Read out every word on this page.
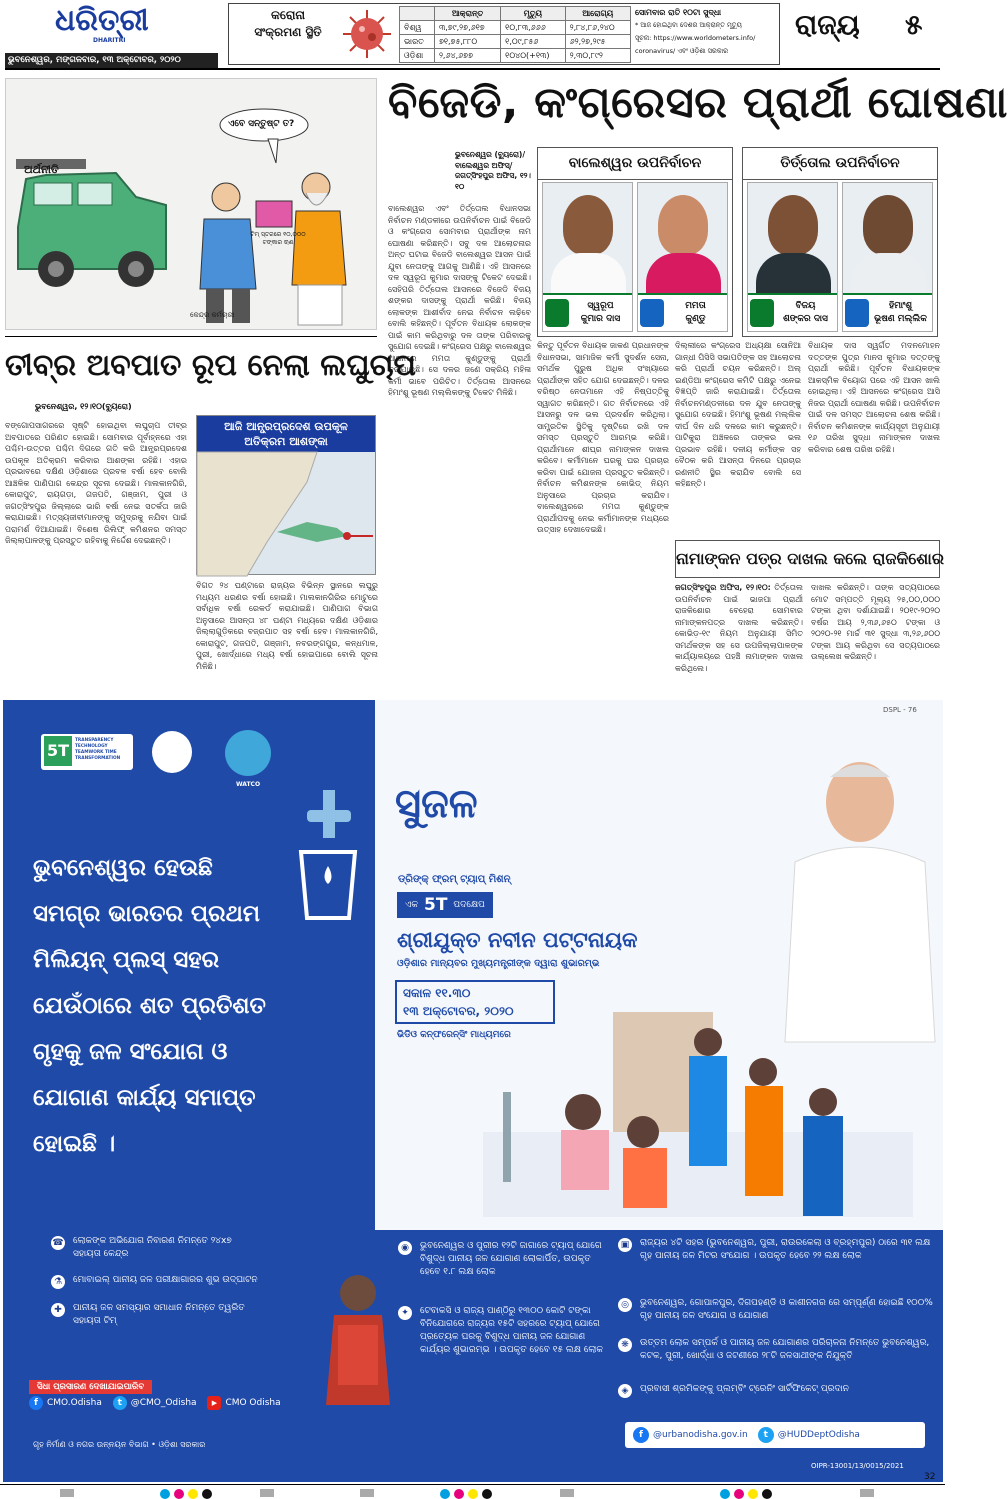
ଧରିତ୍ରୀ
DHARITRI
ଭୁବନେଶ୍ୱର, ମଙ୍ଗଳବାର, ୧୩ ଅକ୍ଟୋବର, ୨୦୨୦
କରୋନା
ସଂକ୍ରମଣ ସ୍ଥିତି
	ଆକ୍ରାନ୍ତ	ମୃତ୍ୟୁ	ଆରୋଗ୍ୟ
ବିଶ୍ୱ	୩,୭୯,୨୭,୬୧୭	୧୦,୮୩,୬୬୬	୨,୮୪,୮୬,୨୪୦
ଭାରତ	୭୧,୭୫,୮୮୦	୧,୦୯,୮୫୬	୬୨,୨୭,୨୯୫
ଓଡ଼ିଶା	୨,୬୪,୬୭୭	୧୦୪୦(+୧୩)	୨,୩୦,୮୯୨
ସୋମବାର ରାତି ୧୦ଟା ସୁଦ୍ଧା
* ଆଜ ହୋଇଥିବା ଦେଶର ଆକ୍ରାନ୍ତ ମୃତ୍ୟୁ
ସୂଚନା: https://www.worldometers.info/
coronavirus/ ଏବଂ ଓଡ଼ିଶା ସରକାର
ରାଜ୍ୟ ୫
ଅର୍ଥନୀତି
ଏବେ ସନ୍ତୁଷ୍ଟ ତ?
ଟିମ୍ ସ୍ତରରେ ୧୦,୦୦୦ ଟଙ୍କାର ଋଣ
କେନ୍ଦ୍ର କର୍ମଚାରୀ
ବିଜେଡି, କଂଗ୍ରେସର ପ୍ରାର୍ଥୀ ଘୋଷଣା
ଭୁବନେଶ୍ୱର (ବ୍ୟୁରୋ)/ ବାଲେଶ୍ୱର ଅଫିସ୍/ ଜଗତ୍‌ସିଂହପୁର ଅଫିସ, ୧୨।୧୦
ବାଲେଶ୍ୱର ଉପନିର୍ବାଚନ	ତିର୍ତ୍ତୋଲ ଉପନିର୍ବାଚନ
ସ୍ୱରୂପ
କୁମାର ଦାସ
ମମତା
କୁଣ୍ଡୁ
ବିଜୟ
ଶଙ୍କର ଦାସ
ହିମାଂଶୁ
ଭୂଷଣ ମଲ୍ଲିକ
ବାଲେଶ୍ୱର ଏବଂ ତିର୍ତ୍ତୋଲ ବିଧାନସଭା ନିର୍ବାଚନ ମଣ୍ଡଳୀରେ ଉପନିର୍ବାଚନ ପାଇଁ ବିଜେଡି ଓ କଂଗ୍ରେସ ସୋମବାର ପ୍ରାର୍ଥୀଙ୍କ ନାମ ଘୋଷଣା କରିଛନ୍ତି। ସବୁ ଦଳ ଆଲୋଚନାର ଅନ୍ତ ଘଟାଇ ବିଜେଡି ବାଲେଶ୍ୱର ଆସନ ପାଇଁ ଯୁବା ନେତାଙ୍କୁ ଆଗକୁ ଆଣିଛି। ଏହି ଆସନରେ ଦଳ ସ୍ୱରୂପ କୁମାର ଦାସଙ୍କୁ ଟିକେଟ ଦେଇଛି। ସେହିପରି ତିର୍ତ୍ତୋଲ ଆସନରେ ବିଜେଡି ବିଜୟ ଶଙ୍କର ଦାସଙ୍କୁ ପ୍ରାର୍ଥୀ କରିଛି। ବିଜୟ ଲୋକଙ୍କ ଆଶୀର୍ବାଦ ନେଇ ନିର୍ବାଚନ ଲଢ଼ିବେ ବୋଲି କହିଛନ୍ତି। ପୂର୍ବତନ ବିଧାୟକ ଲୋକଙ୍କ ପାଇଁ କାମ କରିଥିବାରୁ ଦଳ ତାଙ୍କ ପରିବାରକୁ ସୁଯୋଗ ଦେଇଛି। କଂଗ୍ରେସ ପକ୍ଷରୁ ବାଲେଶ୍ୱର ଆସନରେ ମମତା କୁଣ୍ଡୁଙ୍କୁ ପ୍ରାର୍ଥୀ କରାଯାଇଛି। ସେ ଦଳର ଜଣେ ସକ୍ରିୟ ମହିଳା କର୍ମୀ ଭାବେ ପରିଚିତ। ତିର୍ତ୍ତୋଲ ଆସନରେ ହିମାଂଶୁ ଭୂଷଣ ମଲ୍ଲିକଙ୍କୁ ଟିକେଟ ମିଳିଛି।
କିନ୍ତୁ ପୂର୍ବତନ ବିଧାୟକ ଜାକଣ ପ୍ରଧାନଙ୍କ ବିଧାନସଭା, ସାମାଜିକ କର୍ମୀ ସୁଦର୍ଶନ ସେନା, ସମର୍ଥକ ପୁରୁଷ ଅଧିକ ସଂଖ୍ୟାରେ ପ୍ରାର୍ଥୀଙ୍କ ସହିତ ଯୋଗ ଦେଇଛନ୍ତି। ଦଳର ବରିଷ୍ଠ ନେତାମାନେ ଏହି ନିଷ୍ପତ୍ତିକୁ ସ୍ୱାଗତ କରିଛନ୍ତି। ଗତ ନିର୍ବାଚନରେ ଏହି ଆସନରୁ ଦଳ ଭଲ ପ୍ରଦର୍ଶନ କରିଥିଲା। ସାମ୍ପ୍ରତିକ ସ୍ଥିତିକୁ ଦୃଷ୍ଟିରେ ରଖି ଦଳ ସମସ୍ତ ପ୍ରସ୍ତୁତି ଆରମ୍ଭ କରିଛି। ପ୍ରାର୍ଥୀମାନେ ଶୀଘ୍ର ନାମାଙ୍କନ ଦାଖଲ କରିବେ। କର୍ମୀମାନେ ଘରକୁ ଘର ପ୍ରଚାର କରିବା ପାଇଁ ଯୋଜନା ପ୍ରସ୍ତୁତ କରିଛନ୍ତି। ନିର୍ବାଚନ କମିଶନଙ୍କ କୋଭିଡ୍ ନିୟମ ଅନୁସାରେ ପ୍ରଚାର କରାଯିବ। ବାଲେଶ୍ୱରରେ ମମତା କୁଣ୍ଡୁଙ୍କ ପ୍ରାର୍ଥୀପଦକୁ ନେଇ କର୍ମୀମାନଙ୍କ ମଧ୍ୟରେ ଉତ୍ସାହ ଦେଖାଦେଇଛି।
ଦିଲ୍ଲୀରେ କଂଗ୍ରେସ ଅଧ୍ୟକ୍ଷା ସୋନିଆ ଗାନ୍ଧୀ ପିସିସି ସଭାପତିଙ୍କ ସହ ଆଲୋଚନା କରି ପ୍ରାର୍ଥୀ ଚୟନ କରିଛନ୍ତି। ଅଲ୍ ଇଣ୍ଡିଆ କଂଗ୍ରେସ କମିଟି ପକ୍ଷରୁ ଏନେଇ ବିଜ୍ଞପ୍ତି ଜାରି କରାଯାଇଛି। ତିର୍ତ୍ତୋଲ ନିର୍ବାଚନମଣ୍ଡଳୀରେ ଦଳ ଯୁବ ନେତାଙ୍କୁ ସୁଯୋଗ ଦେଇଛି। ହିମାଂଶୁ ଭୂଷଣ ମଲ୍ଲିକ ଦୀର୍ଘ ଦିନ ଧରି ଦଳରେ କାମ କରୁଛନ୍ତି। ପାଟିକୁରା ଅଞ୍ଚଳରେ ତାଙ୍କର ଭଲ ପ୍ରଭାବ ରହିଛି। ଦଳୀୟ କର୍ମୀଙ୍କ ସହ ବୈଠକ କରି ଆସନ୍ତା ଦିନରେ ପ୍ରଚାର ରଣନୀତି ସ୍ଥିର କରାଯିବ ବୋଲି ସେ କହିଛନ୍ତି।
ବିଧାୟକ ଦାସ ସ୍ୱର୍ଗତ ମଦନମୋହନ ଦତ୍ତଙ୍କ ପୁତ୍ର ମାନସ କୁମାର ଦତ୍ତଙ୍କୁ ପ୍ରାର୍ଥୀ କରିଛି। ପୂର୍ବତନ ବିଧାୟକଙ୍କ ଆକସ୍ମିକ ବିୟୋଗ ପରେ ଏହି ଆସନ ଖାଲି ହୋଇଥିଲା। ଏହି ଆସନରେ କଂଗ୍ରେସ ଆସି ନିଜର ପ୍ରାର୍ଥୀ ଘୋଷଣା କରିଛି। ଉପନିର୍ବାଚନ ପାଇଁ ଦଳ ସମସ୍ତ ଆଲୋଚନା ଶେଷ କରିଛି। ନିର୍ବାଚନ କମିଶନଙ୍କ କାର୍ଯ୍ୟସୂଚୀ ଅନୁଯାୟୀ ୧୬ ତାରିଖ ସୁଦ୍ଧା ନାମାଙ୍କନ ଦାଖଲ କରିବାର ଶେଷ ତାରିଖ ରହିଛି।
ନାମାଙ୍କନ ପତ୍ର ଦାଖଲ କଲେ ରାଜକିଶୋର
ଜଗତ୍‌ସିଂହପୁର ଅଫିସ, ୧୨।୧୦: ତିର୍ତ୍ତୋଲ ଉପନିର୍ବାଚନ ପାଇଁ ଭାଜପା ପ୍ରାର୍ଥୀ ରାଜକିଶୋର ବେହେରା ସୋମବାର ନାମାଙ୍କନପତ୍ର ଦାଖଲ କରିଛନ୍ତି। କୋଭିଡ଼-୧୯ ନିୟମ ଅନୁଯାୟୀ ସିମିତ ସମର୍ଥକଙ୍କ ସହ ସେ ଉପଜିଲ୍ଲାପାଳଙ୍କ କାର୍ଯ୍ୟାଳୟରେ ପହଞ୍ଚି ନାମାଙ୍କନ ଦାଖଲ କରିଥିଲେ।
ଦାଖଲ କରିଛନ୍ତି। ତାଙ୍କ ସତ୍ୟପାଠରେ ମୋଟ ସମ୍ପତ୍ତି ମୂଲ୍ୟ ୨୫,୦୦,୦୦୦ ଟଙ୍କା ଥିବା ଦର୍ଶାଯାଇଛି। ୨୦୧୯-୨୦୨୦ ବର୍ଷର ଆୟ ୨,୩୬,୬୫୦ ଟଙ୍କା ଓ ୨୦୨୦-୨୧ ମାର୍ଚ୍ଚ ୩୧ ସୁଦ୍ଧା ୩,୨୬,୬୦୦ ଟଙ୍କା ଆୟ କରିଥିବା ସେ ସତ୍ୟପାଠରେ ଉଲ୍ଲେଖ କରିଛନ୍ତି।
ତୀବ୍ର ଅବପାତ ରୂପ ନେଲା ଲଘୁଚାପ
ଭୁବନେଶ୍ୱର, ୧୨।୧୦(ବ୍ୟୁରୋ)
ବଙ୍ଗୋପସାଗରରେ ସୃଷ୍ଟି ହୋଇଥିବା ଲଘୁଚାପ ତୀବ୍ର ଅବପାତରେ ପରିଣତ ହୋଇଛି। ସୋମବାର ପୂର୍ବାହ୍ନରେ ଏହା ପଶ୍ଚିମ-ଉତ୍ତର ପଶ୍ଚିମ ଦିଗରେ ଗତି କରି ଆନ୍ଧ୍ରପ୍ରଦେଶ ଉପକୂଳ ଅତିକ୍ରମ କରିବାର ଆଶଙ୍କା ରହିଛି। ଏହାର ପ୍ରଭାବରେ ଦକ୍ଷିଣ ଓଡ଼ିଶାରେ ପ୍ରବଳ ବର୍ଷା ହେବ ବୋଲି ଆଞ୍ଚଳିକ ପାଣିପାଗ କେନ୍ଦ୍ର ସୂଚନା ଦେଇଛି। ମାଲକାନଗିରି, କୋରାପୁଟ, ରାୟଗଡ଼ା, ଗଜପତି, ଗଞ୍ଜାମ, ପୁରୀ ଓ ଜଗତ୍‌ସିଂହପୁର ଜିଲ୍ଲାରେ ଭାରି ବର୍ଷା ନେଇ ସତର୍କତା ଜାରି କରାଯାଇଛି। ମତ୍ସ୍ୟଜୀବୀମାନଙ୍କୁ ସମୁଦ୍ରକୁ ନଯିବା ପାଇଁ ପରାମର୍ଶ ଦିଆଯାଇଛି। ବିଶେଷ ରିଲିଫ୍ କମିଶନର ସମସ୍ତ ଜିଲ୍ଲାପାଳଙ୍କୁ ପ୍ରସ୍ତୁତ ରହିବାକୁ ନିର୍ଦ୍ଦେଶ ଦେଇଛନ୍ତି।
ଆଜି ଆନ୍ଧ୍ରପ୍ରଦେଶ ଉପକୂଳ
ଅତିକ୍ରମ ଆଶଙ୍କା
ବିଗତ ୨୪ ଘଣ୍ଟାରେ ରାଜ୍ୟର ବିଭିନ୍ନ ସ୍ଥାନରେ ଲଘୁରୁ ମଧ୍ୟମ ଧରଣର ବର୍ଷା ହୋଇଛି। ମାଲକାନଗିରିର ମୋଟୁରେ ସର୍ବାଧିକ ବର୍ଷା ରେକର୍ଡ କରାଯାଇଛି। ପାଣିପାଗ ବିଭାଗ ଅନୁସାରେ ଆସନ୍ତା ୪୮ ଘଣ୍ଟା ମଧ୍ୟରେ ଦକ୍ଷିଣ ଓଡ଼ିଶାର ଜିଲ୍ଲାଗୁଡ଼ିକରେ ବଜ୍ରପାତ ସହ ବର୍ଷା ହେବ। ମାଲକାନଗିରି, କୋରାପୁଟ, ଗଜପତି, ଗଞ୍ଜାମ, ନବରଙ୍ଗପୁର, କନ୍ଧମାଳ, ପୁରୀ, ଖୋର୍ଦ୍ଧାରେ ମଧ୍ୟ ବର୍ଷା ହୋଇପାରେ ବୋଲି ସୂଚନା ମିଳିଛି।
DSPL - 76
5T
TRANSPARENCY TECHNOLOGY TEAMWORK TIME TRANSFORMATION
WATCO
ଭୁବନେଶ୍ୱର ହେଉଛି
ସମଗ୍ର ଭାରତର ପ୍ରଥମ
ମିଲିୟନ୍ ପ୍ଲସ୍ ସହର
ଯେଉଁଠାରେ ଶତ ପ୍ରତିଶତ
ଗୃହକୁ ଜଳ ସଂଯୋଗ ଓ
ଯୋଗାଣ କାର୍ଯ୍ୟ ସମାପ୍ତ
ହୋଇଛି ।
☎	ଲୋକଙ୍କ ଅଭିଯୋଗ ନିବାରଣ ନିମନ୍ତେ ୨୪x୭ ସହାୟତା କେନ୍ଦ୍ର
⚗	ମୋବାଇଲ୍ ପାନୀୟ ଜଳ ପରୀକ୍ଷାଗାରର ଶୁଭ ଉଦ୍‌ଘାଟନ
✚	ପାନୀୟ ଜଳ ସମସ୍ୟାର ସମାଧାନ ନିମନ୍ତେ ତ୍ୱରିତ ସହାୟତା ଟିମ୍
ସିଧା ପ୍ରସାରଣ ଦେଖାଯାଇପାରିବ
f	CMO.Odisha
	t @CMO_Odisha
	▶ CMO Odisha
ଗୃହ ନିର୍ମାଣ ଓ ନଗର ଉନ୍ନୟନ ବିଭାଗ • ଓଡ଼ିଶା ସରକାର
ସୁଜଳ
ଡ୍ରିଙ୍କ୍ ଫ୍ରମ୍ ଟ୍ୟାପ୍ ମିଶନ୍
ଏକ 5T ପଦକ୍ଷେପ
ଶ୍ରୀଯୁକ୍ତ ନବୀନ ପଟ୍ଟନାୟକ
ଓଡ଼ିଶାର ମାନ୍ୟବର ମୁଖ୍ୟମନ୍ତ୍ରୀଙ୍କ ଦ୍ୱାରା ଶୁଭାରମ୍ଭ
ସକାଳ ୧୧.୩୦
୧୩ ଅକ୍ଟୋବର, ୨୦୨୦
ଭିଡିଓ କନ୍‌ଫରେନ୍ସିଂ ମାଧ୍ୟମରେ
◉	ଭୁବନେଶ୍ୱର ଓ ପୁରୀର ୧୨ଟି ଜାଗାରେ ଟ୍ୟାପ୍ ଯୋଗେ ବିଶୁଦ୍ଧ ପାନୀୟ ଜଳ ଯୋଗାଣ ଲୋକାର୍ପିତ, ଉପକୃତ ହେବେ ୧.୮ ଲକ୍ଷ ଲୋକ
✦	ଟେବାକସି ଓ ରାଜ୍ୟ ପାଣ୍ଠିରୁ ୧୩୦୦ କୋଟି ଟଙ୍କା ବିନିଯୋଗରେ ରାଜ୍ୟର ୧୫ଟି ସହରରେ ଟ୍ୟାପ୍ ଯୋଗେ ପ୍ରତ୍ୟେକ ଘରକୁ ବିଶୁଦ୍ଧ ପାନୀୟ ଜଳ ଯୋଗାଣ କାର୍ଯ୍ୟର ଶୁଭାରମ୍ଭ । ଉପକୃତ ହେବେ ୧୫ ଲକ୍ଷ ଲୋକ
▣	ରାଜ୍ୟର ୪ଟି ସହର (ଭୁବନେଶ୍ୱର, ପୁରୀ, ରାଉରକେଲା ଓ ବ୍ରହ୍ମପୁର) ଠାରେ ୩୧ ଲକ୍ଷ ଗୃହ ପାନୀୟ ଜଳ ମିଟର ସଂଯୋଗ । ଉପକୃତ ହେବେ ୨୨ ଲକ୍ଷ ଲୋକ
◎	ଭୁବନେଶ୍ୱର, ଗୋପାଳପୁର, ଦିଗପହଣ୍ଡି ଓ କାଶୀନଗର ରେ ସମ୍ପୂର୍ଣ୍ଣ ହୋଇଛି ୧୦୦% ଗୃହ ପାନୀୟ ଜଳ ସଂଯୋଗ ଓ ଯୋଗାଣ
❋	ଉତ୍ତମ ଲୋକ ସମ୍ପର୍କ ଓ ପାନୀୟ ଜଳ ଯୋଗାଣର ପରିଚାଳନା ନିମନ୍ତେ ଭୁବନେଶ୍ୱର, କଟକ, ପୁରୀ, ଖୋର୍ଦ୍ଧା ଓ ଜଟଣୀରେ ୨୮ଟି ଜଳସାଥୀଙ୍କ ନିଯୁକ୍ତି
◈	ପ୍ରବାସୀ ଶ୍ରମିକଙ୍କୁ ପ୍ଲମ୍ବିଂ ଟ୍ରେନିଂ ସାର୍ଟିଫିକେଟ୍ ପ୍ରଦାନ
f	@urbanodisha.gov.in	t	@HUDDeptOdisha
OIPR-13001/13/0015/2021
32
